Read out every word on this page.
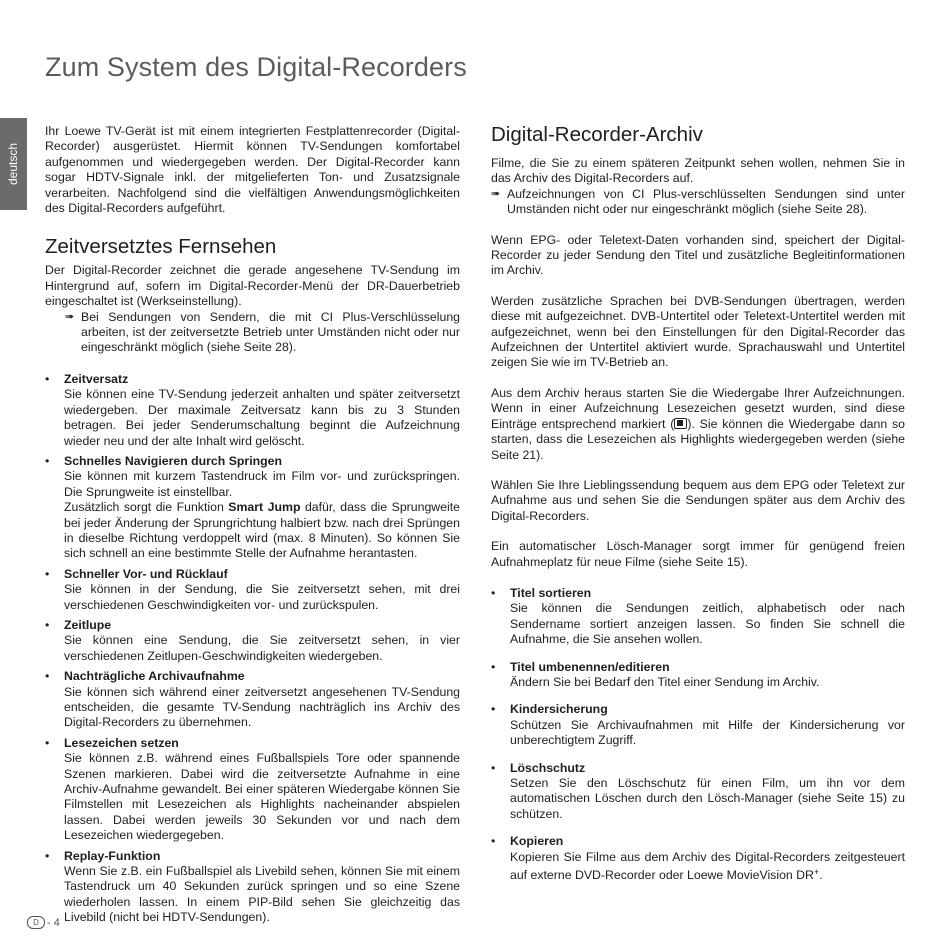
Zum System des Digital-Recorders
deutsch

Ihr Loewe TV-Gerät ist mit einem integrierten Festplattenrecorder (Digital-Recorder) ausgerüstet. Hiermit können TV-Sendungen komfortabel aufgenommen und wiedergegeben werden. Der Digital-Recorder kann sogar HDTV-Signale inkl. der mitgelieferten Ton- und Zusatzsignale verarbeiten. Nachfolgend sind die vielfältigen Anwendungsmöglichkeiten des Digital-Recorders aufgeführt.

Zeitversetztes Fernsehen

Der Digital-Recorder zeichnet die gerade angesehene TV-Sendung im Hintergrund auf, sofern im Digital-Recorder-Menü der DR-Dauerbetrieb eingeschaltet ist (Werkseinstellung).

➠ Bei Sendungen von Sendern, die mit CI Plus-Verschlüsselung arbeiten, ist der zeitversetzte Betrieb unter Umständen nicht oder nur eingeschränkt möglich (siehe Seite 28).
• Zeitversatz
Sie können eine TV-Sendung jederzeit anhalten und später zeitversetzt wiedergeben. Der maximale Zeitversatz kann bis zu 3 Stunden betragen. Bei jeder Senderumschaltung beginnt die Aufzeichnung wieder neu und der alte Inhalt wird gelöscht.
• Schnelles Navigieren durch Springen
Sie können mit kurzem Tastendruck im Film vor- und zurückspringen. Die Sprungweite ist einstellbar.
Zusätzlich sorgt die Funktion Smart Jump dafür, dass die Sprungweite bei jeder Änderung der Sprungrichtung halbiert bzw. nach drei Sprüngen in dieselbe Richtung verdoppelt wird (max. 8 Minuten). So können Sie sich schnell an eine bestimmte Stelle der Aufnahme herantasten.
• Schneller Vor- und Rücklauf
Sie können in der Sendung, die Sie zeitversetzt sehen, mit drei verschiedenen Geschwindigkeiten vor- und zurückspulen.
• Zeitlupe
Sie können eine Sendung, die Sie zeitversetzt sehen, in vier verschiedenen Zeitlupen-Geschwindigkeiten wiedergeben.
• Nachträgliche Archivaufnahme
Sie können sich während einer zeitversetzt angesehenen TV-Sendung entscheiden, die gesamte TV-Sendung nachträglich ins Archiv des Digital-Recorders zu übernehmen.
• Lesezeichen setzen
Sie können z.B. während eines Fußballspiels Tore oder spannende Szenen markieren. Dabei wird die zeitversetzte Aufnahme in eine Archiv-Aufnahme gewandelt. Bei einer späteren Wiedergabe können Sie Filmstellen mit Lesezeichen als Highlights nacheinander abspielen lassen. Dabei werden jeweils 30 Sekunden vor und nach dem Lesezeichen wiedergegeben.
• Replay-Funktion
Wenn Sie z.B. ein Fußballspiel als Livebild sehen, können Sie mit einem Tastendruck um 40 Sekunden zurück springen und so eine Szene wiederholen lassen. In einem PIP-Bild sehen Sie gleichzeitig das Livebild (nicht bei HDTV-Sendungen).
Digital-Recorder-Archiv

Filme, die Sie zu einem späteren Zeitpunkt sehen wollen, nehmen Sie in das Archiv des Digital-Recorders auf.

➠ Aufzeichnungen von CI Plus-verschlüsselten Sendungen sind unter Umständen nicht oder nur eingeschränkt möglich (siehe Seite 28).

Wenn EPG- oder Teletext-Daten vorhanden sind, speichert der Digital-Recorder zu jeder Sendung den Titel und zusätzliche Begleitinformationen im Archiv.

Werden zusätzliche Sprachen bei DVB-Sendungen übertragen, werden diese mit aufgezeichnet. DVB-Untertitel oder Teletext-Untertitel werden mit aufgezeichnet, wenn bei den Einstellungen für den Digital-Recorder das Aufzeichnen der Untertitel aktiviert wurde. Sprachauswahl und Untertitel zeigen Sie wie im TV-Betrieb an.

Aus dem Archiv heraus starten Sie die Wiedergabe Ihrer Aufzeichnungen. Wenn in einer Aufzeichnung Lesezeichen gesetzt wurden, sind diese Einträge entsprechend markiert ( ). Sie können die Wiedergabe dann so starten, dass die Lesezeichen als Highlights wiedergegeben werden (siehe Seite 21).

Wählen Sie Ihre Lieblingssendung bequem aus dem EPG oder Teletext zur Aufnahme aus und sehen Sie die Sendungen später aus dem Archiv des Digital-Recorders.

Ein automatischer Lösch-Manager sorgt immer für genügend freien Aufnahmeplatz für neue Filme (siehe Seite 15).

• Titel sortieren
Sie können die Sendungen zeitlich, alphabetisch oder nach Sendername sortiert anzeigen lassen. So finden Sie schnell die Aufnahme, die Sie ansehen wollen.
• Titel umbenennen/editieren
Ändern Sie bei Bedarf den Titel einer Sendung im Archiv.
• Kindersicherung
Schützen Sie Archivaufnahmen mit Hilfe der Kindersicherung vor unberechtigtem Zugriff.
• Löschschutz
Setzen Sie den Löschschutz für einen Film, um ihn vor dem automatischen Löschen durch den Lösch-Manager (siehe Seite 15) zu schützen.
• Kopieren
Kopieren Sie Filme aus dem Archiv des Digital-Recorders zeitgesteuert auf externe DVD-Recorder oder Loewe MovieVision DR+.
D - 4
